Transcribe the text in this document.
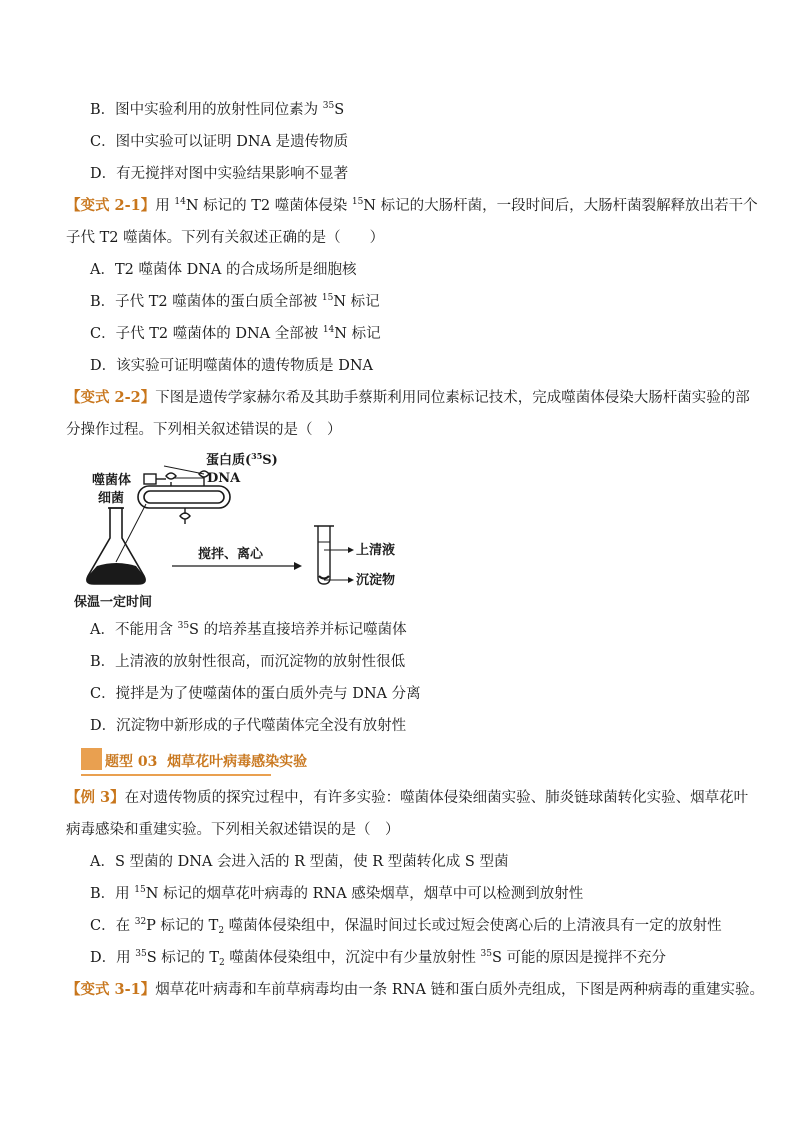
B．图中实验利用的放射性同位素为 $^{35}$S
C．图中实验可以证明 DNA 是遗传物质
D．有无搅拌对图中实验结果影响不显著
【变式 2-1】用 $^{14}$N 标记的 T2 噬菌体侵染 $^{15}$N 标记的大肠杆菌，一段时间后，大肠杆菌裂解释放出若干个
子代 T2 噬菌体。下列有关叙述正确的是（　　）
A．T2 噬菌体 DNA 的合成场所是细胞核
B．子代 T2 噬菌体的蛋白质全部被 $^{15}$N 标记
C．子代 T2 噬菌体的 DNA 全部被 $^{14}$N 标记
D．该实验可证明噬菌体的遗传物质是 DNA
【变式 2-2】下图是遗传学家赫尔希及其助手蔡斯利用同位素标记技术，完成噬菌体侵染大肠杆菌实验的部
分操作过程。下列相关叙述错误的是（　）
噬菌体
细菌
蛋白质($^{35}$S)
DNA
搅拌、离心	上清液
沉淀物
保温一定时间
A．不能用含 $^{35}$S 的培养基直接培养并标记噬菌体
B．上清液的放射性很高，而沉淀物的放射性很低
C．搅拌是为了使噬菌体的蛋白质外壳与 DNA 分离
D．沉淀物中新形成的子代噬菌体完全没有放射性
题型 03 烟草花叶病毒感染实验
【例 3】在对遗传物质的探究过程中，有许多实验：噬菌体侵染细菌实验、肺炎链球菌转化实验、烟草花叶
病毒感染和重建实验。下列相关叙述错误的是（　）
A．S 型菌的 DNA 会进入活的 R 型菌，使 R 型菌转化成 S 型菌
B．用 $^{15}$N 标记的烟草花叶病毒的 RNA 感染烟草，烟草中可以检测到放射性
C．在 $^{32}$P 标记的 $T_2$ 噬菌体侵染组中，保温时间过长或过短会使离心后的上清液具有一定的放射性
D．用 $^{35}$S 标记的 $T_2$ 噬菌体侵染组中，沉淀中有少量放射性 $^{35}$S 可能的原因是搅拌不充分
【变式 3-1】烟草花叶病毒和车前草病毒均由一条 RNA 链和蛋白质外壳组成，下图是两种病毒的重建实验。
